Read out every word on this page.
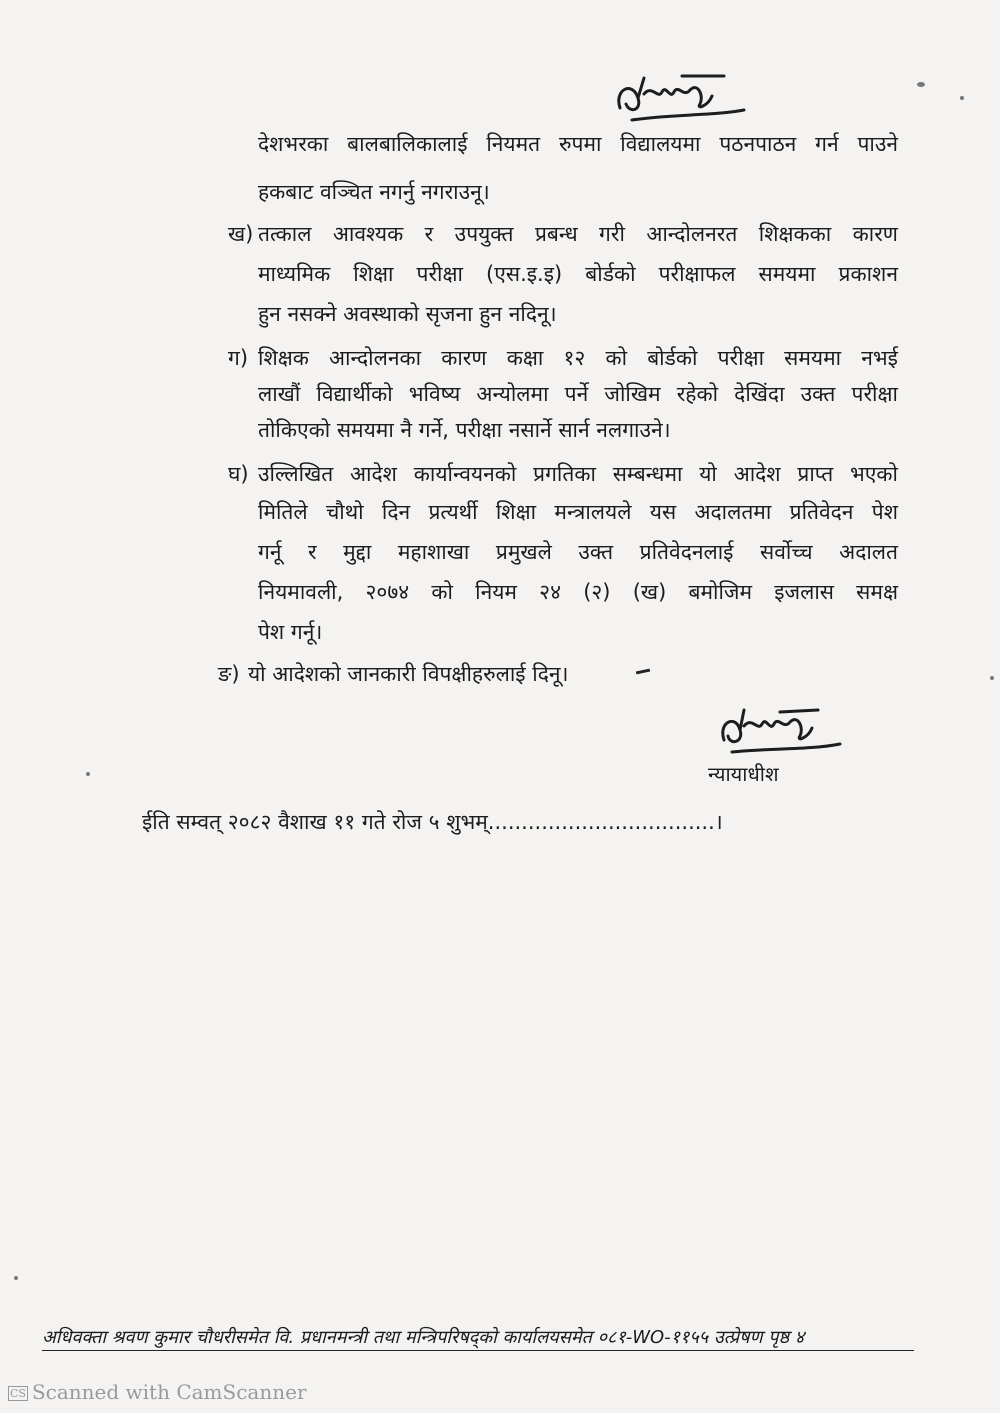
देशभरका बालबालिकालाई नियमत रुपमा विद्यालयमा पठनपाठन गर्न पाउने
हकबाट वञ्चित नगर्नु नगराउनू।
ख) तत्काल आवश्यक र उपयुक्त प्रबन्ध गरी आन्दोलनरत शिक्षकका कारण
माध्यमिक शिक्षा परीक्षा (एस.इ.इ) बोर्डको परीक्षाफल समयमा प्रकाशन
हुन नसक्ने अवस्थाको सृजना हुन नदिनू।
ग) शिक्षक आन्दोलनका कारण कक्षा १२ को बोर्डको परीक्षा समयमा नभई
लाखौं विद्यार्थीको भविष्य अन्योलमा पर्ने जोखिम रहेको देखिंदा उक्त परीक्षा
तोकिएको समयमा नै गर्ने, परीक्षा नसार्ने सार्न नलगाउने।
घ) उल्लिखित आदेश कार्यान्वयनको प्रगतिका सम्बन्धमा यो आदेश प्राप्त भएको
मितिले चौथो दिन प्रत्यर्थी शिक्षा मन्त्रालयले यस अदालतमा प्रतिवेदन पेश
गर्नू र मुद्दा महाशाखा प्रमुखले उक्त प्रतिवेदनलाई सर्वोच्च अदालत
नियमावली, २०७४ को नियम २४ (२) (ख) बमोजिम इजलास समक्ष
पेश गर्नू।
ङ) यो आदेशको जानकारी विपक्षीहरुलाई दिनू।
न्यायाधीश
ईति सम्वत् २०८२ वैशाख ११ गते रोज ५ शुभम्..................................।
अधिवक्ता श्रवण कुमार चौधरीसमेत वि. प्रधानमन्त्री तथा मन्त्रिपरिषद्को कार्यालयसमेत ०८१-WO-११५५ उत्प्रेषण पृष्ठ ४
CS Scanned with CamScanner
